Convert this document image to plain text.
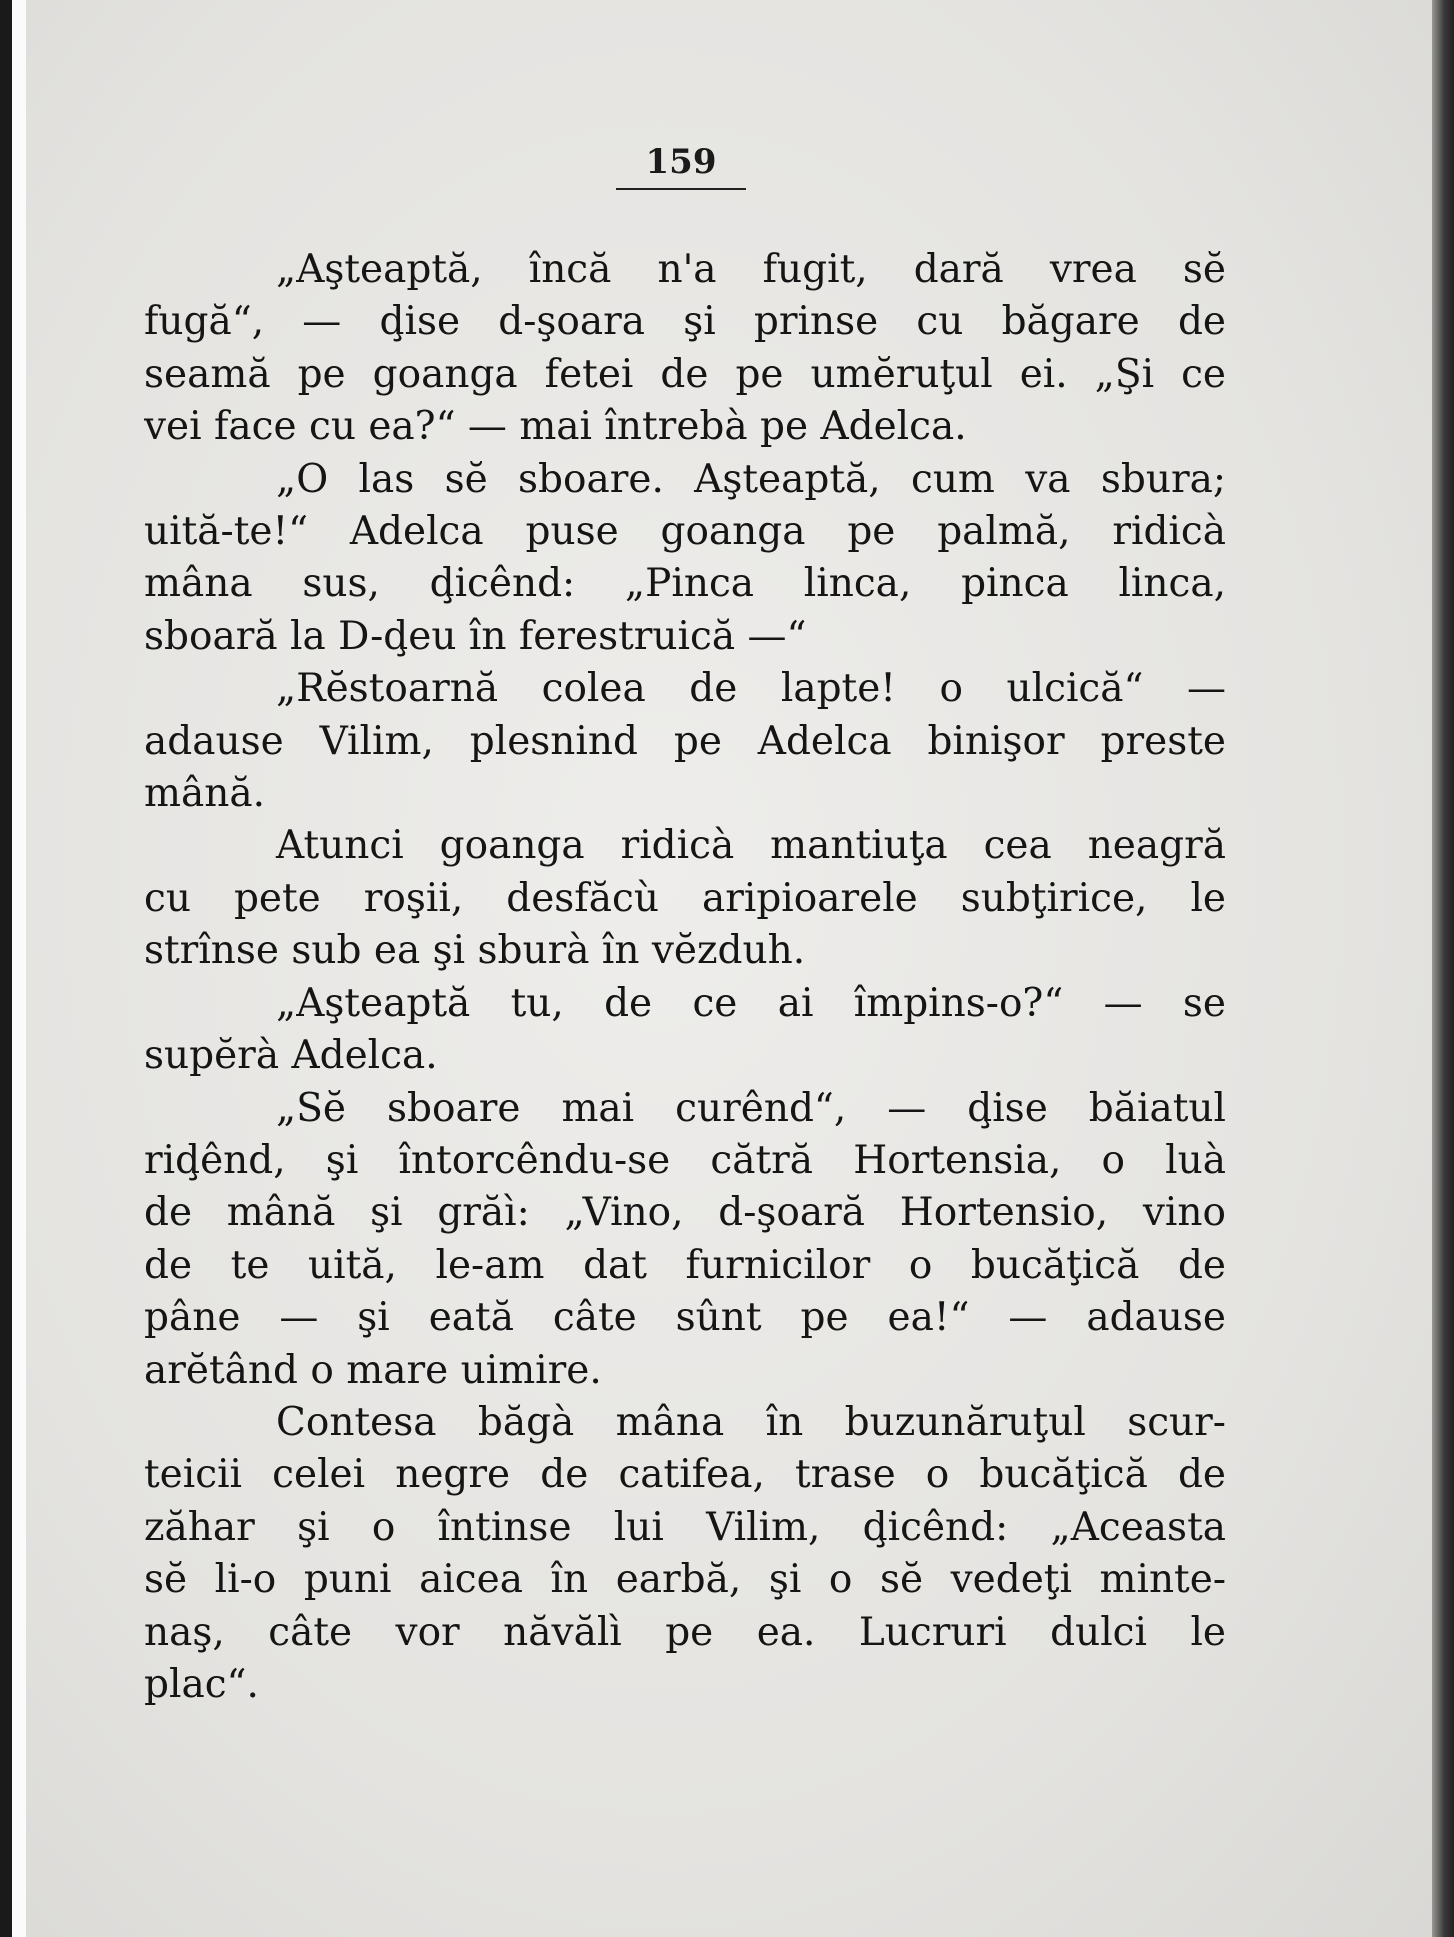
159
„Aşteaptă, încă n'a fugit, dară vrea sĕ
fugă“, — ḑise d-şoara şi prinse cu băgare de
seamă pe goanga fetei de pe umĕruţul ei. „Şi ce
vei face cu ea?“ — mai întrebà pe Adelca.
„O las sĕ sboare. Aşteaptă, cum va sbura;
uită-te!“ Adelca puse goanga pe palmă, ridicà
mâna sus, ḑicênd: „Pinca linca, pinca linca,
sboară la D-ḑeu în ferestruică —“
„Rĕstoarnă colea de lapte! o ulcică“ —
adause Vilim, plesnind pe Adelca binişor preste
mână.
Atunci goanga ridicà mantiuţa cea neagră
cu pete roşii, desfăcù aripioarele subţirice, le
strînse sub ea şi sburà în vĕzduh.
„Aşteaptă tu, de ce ai împins-o?“ — se
supĕrà Adelca.
„Sĕ sboare mai curênd“, — ḑise băiatul
riḑênd, şi întorcêndu-se cătră Hortensia, o luà
de mână şi grăì: „Vino, d-şoară Hortensio, vino
de te uită, le-am dat furnicilor o bucăţică de
pâne — şi eată câte sûnt pe ea!“ — adause
arĕtând o mare uimire.
Contesa băgà mâna în buzunăruţul scur-
teicii celei negre de catifea, trase o bucăţică de
zăhar şi o întinse lui Vilim, ḑicênd: „Aceasta
sĕ li-o puni aicea în earbă, şi o sĕ vedeţi minte-
naş, câte vor năvălì pe ea. Lucruri dulci le
plac“.
